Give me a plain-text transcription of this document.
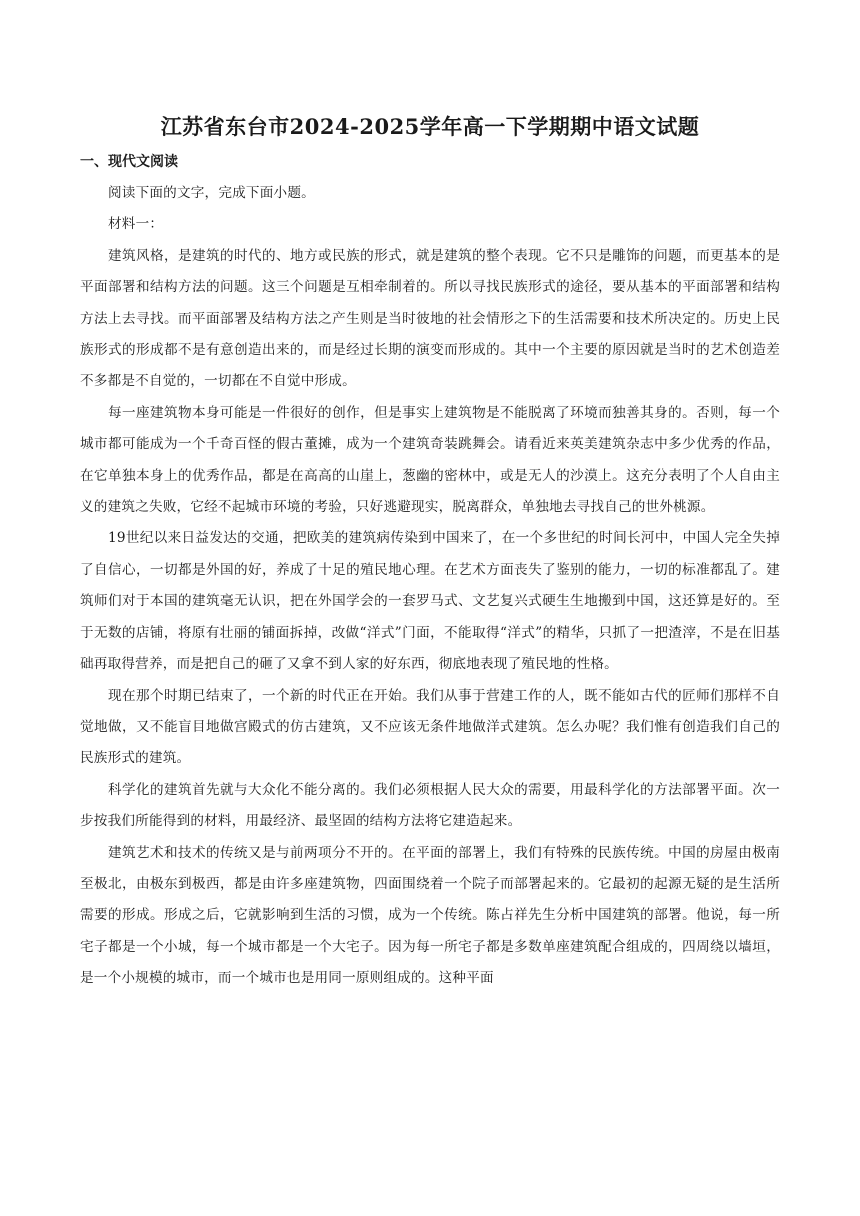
江苏省东台市2024-2025学年高一下学期期中语文试题
一、现代文阅读

阅读下面的文字，完成下面小题。

材料一：

建筑风格，是建筑的时代的、地方或民族的形式，就是建筑的整个表现。它不只是雕饰的问题，而更基本的是平面部署和结构方法的问题。这三个问题是互相牵制着的。所以寻找民族形式的途径，要从基本的平面部署和结构方法上去寻找。而平面部署及结构方法之产生则是当时彼地的社会情形之下的生活需要和技术所决定的。历史上民族形式的形成都不是有意创造出来的，而是经过长期的演变而形成的。其中一个主要的原因就是当时的艺术创造差不多都是不自觉的，一切都在不自觉中形成。

每一座建筑物本身可能是一件很好的创作，但是事实上建筑物是不能脱离了环境而独善其身的。否则，每一个城市都可能成为一个千奇百怪的假古董摊，成为一个建筑奇装跳舞会。请看近来英美建筑杂志中多少优秀的作品，在它单独本身上的优秀作品，都是在高高的山崖上，葱幽的密林中，或是无人的沙漠上。这充分表明了个人自由主义的建筑之失败，它经不起城市环境的考验，只好逃避现实，脱离群众，单独地去寻找自己的世外桃源。

19世纪以来日益发达的交通，把欧美的建筑病传染到中国来了，在一个多世纪的时间长河中，中国人完全失掉了自信心，一切都是外国的好，养成了十足的殖民地心理。在艺术方面丧失了鉴别的能力，一切的标准都乱了。建筑师们对于本国的建筑毫无认识，把在外国学会的一套罗马式、文艺复兴式硬生生地搬到中国，这还算是好的。至于无数的店铺，将原有壮丽的铺面拆掉，改做“洋式”门面，不能取得“洋式”的精华，只抓了一把渣滓，不是在旧基础再取得营养，而是把自己的砸了又拿不到人家的好东西，彻底地表现了殖民地的性格。

现在那个时期已结束了，一个新的时代正在开始。我们从事于营建工作的人，既不能如古代的匠师们那样不自觉地做，又不能盲目地做宫殿式的仿古建筑，又不应该无条件地做洋式建筑。怎么办呢？我们惟有创造我们自己的民族形式的建筑。

科学化的建筑首先就与大众化不能分离的。我们必须根据人民大众的需要，用最科学化的方法部署平面。次一步按我们所能得到的材料，用最经济、最坚固的结构方法将它建造起来。

建筑艺术和技术的传统又是与前两项分不开的。在平面的部署上，我们有特殊的民族传统。中国的房屋由极南至极北，由极东到极西，都是由许多座建筑物，四面围绕着一个院子而部署起来的。它最初的起源无疑的是生活所需要的形成。形成之后，它就影响到生活的习惯，成为一个传统。陈占祥先生分析中国建筑的部署。他说，每一所宅子都是一个小城，每一个城市都是一个大宅子。因为每一所宅子都是多数单座建筑配合组成的，四周绕以墙垣，是一个小规模的城市，而一个城市也是用同一原则组成的。这种平面
